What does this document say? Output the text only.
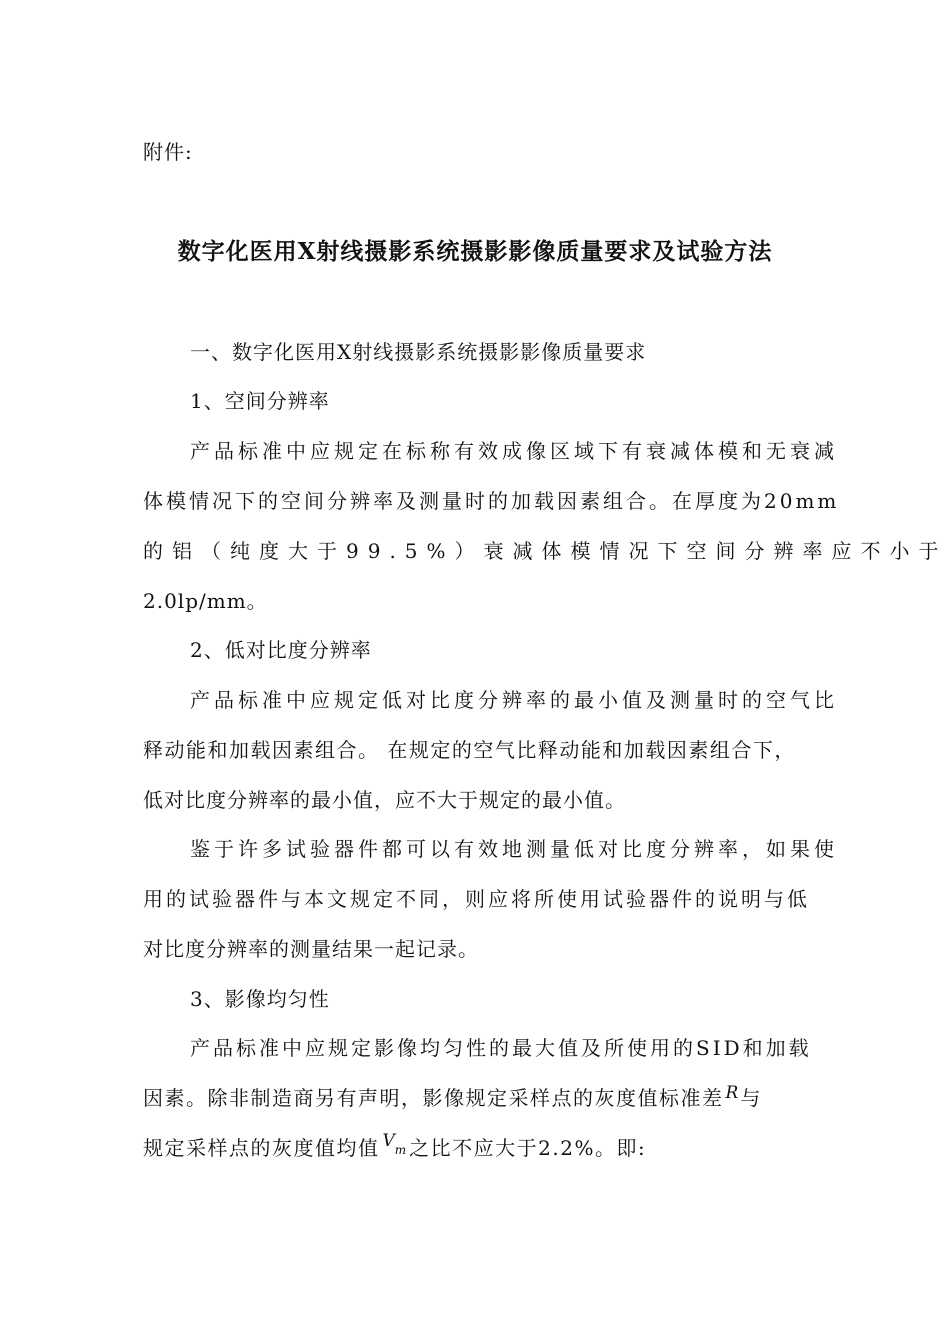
附件:
数字化医用X射线摄影系统摄影影像质量要求及试验方法
一、数字化医用X射线摄影系统摄影影像质量要求
1、空间分辨率
产品标准中应规定在标称有效成像区域下有衰减体模和无衰减
体模情况下的空间分辨率及测量时的加载因素组合。在厚度为20mm
的铝（纯度大于99.5%）衰减体模情况下空间分辨率应不小于
2.0lp/mm。
2、低对比度分辨率
产品标准中应规定低对比度分辨率的最小值及测量时的空气比
释动能和加载因素组合。 在规定的空气比释动能和加载因素组合下，
低对比度分辨率的最小值，应不大于规定的最小值。
鉴于许多试验器件都可以有效地测量低对比度分辨率，如果使
用的试验器件与本文规定不同，则应将所使用试验器件的说明与低
对比度分辨率的测量结果一起记录。
3、影像均匀性
产品标准中应规定影像均匀性的最大值及所使用的SID和加载
因素。除非制造商另有声明，影像规定采样点的灰度值标准差 $^R$ 与
规定采样点的灰度值均值 $^V$m 之比不应大于2.2%。即:
